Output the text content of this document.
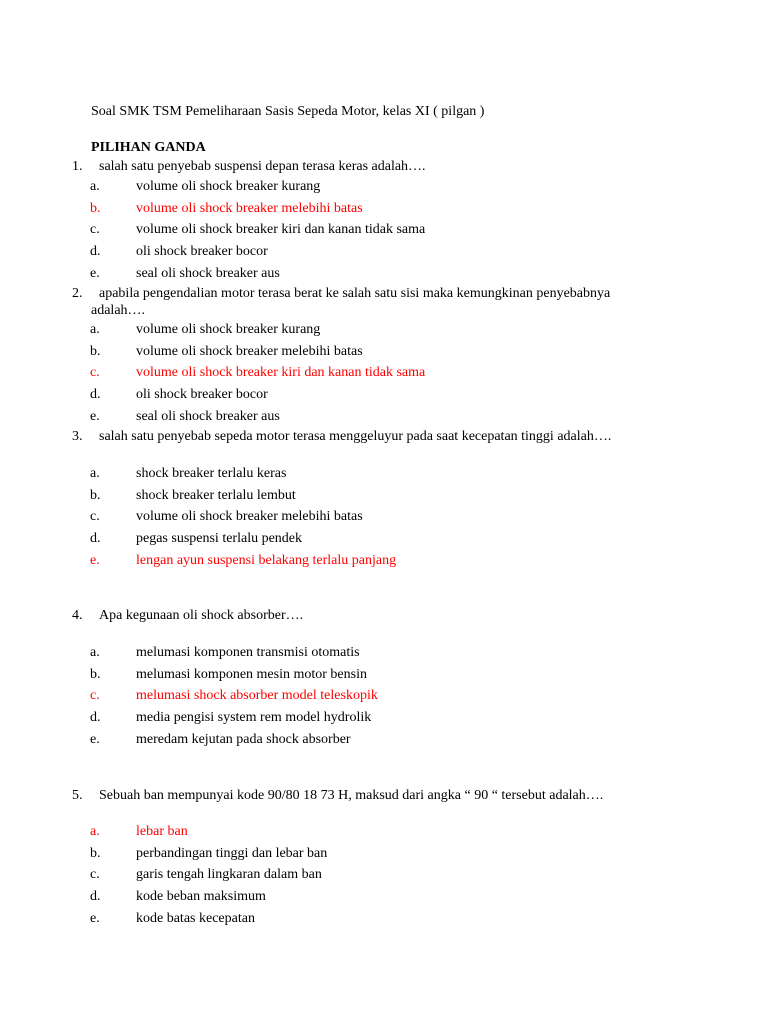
Soal SMK TSM Pemeliharaan Sasis Sepeda Motor, kelas XI ( pilgan )
PILIHAN GANDA
1.	salah satu penyebab suspensi depan terasa keras adalah….
a.	volume oli shock breaker kurang
b.	volume oli shock breaker melebihi batas
c.	volume oli shock breaker kiri dan kanan tidak sama
d.	oli shock breaker bocor
e.	seal oli shock breaker aus
2.	apabila pengendalian motor terasa berat ke salah satu sisi maka kemungkinan penyebabnya adalah….
a.	volume oli shock breaker kurang
b.	volume oli shock breaker melebihi batas
c.	volume oli shock breaker kiri dan kanan tidak sama
d.	oli shock breaker bocor
e.	seal oli shock breaker aus
3.	salah satu penyebab sepeda motor terasa menggeluyur pada saat kecepatan tinggi adalah….
a.	shock breaker terlalu keras
b.	shock breaker terlalu lembut
c.	volume oli shock breaker melebihi batas
d.	pegas suspensi terlalu pendek
e.	lengan ayun suspensi belakang terlalu panjang
4.	Apa kegunaan oli shock absorber….
a.	melumasi komponen transmisi otomatis
b.	melumasi komponen mesin motor bensin
c.	melumasi shock absorber model teleskopik
d.	media pengisi system rem model hydrolik
e.	meredam kejutan pada shock absorber
5.	Sebuah ban mempunyai kode 90/80 18 73 H, maksud dari angka “ 90 “ tersebut adalah….
a.	lebar ban
b.	perbandingan tinggi dan lebar ban
c.	garis tengah lingkaran dalam ban
d.	kode beban maksimum
e.	kode batas kecepatan
